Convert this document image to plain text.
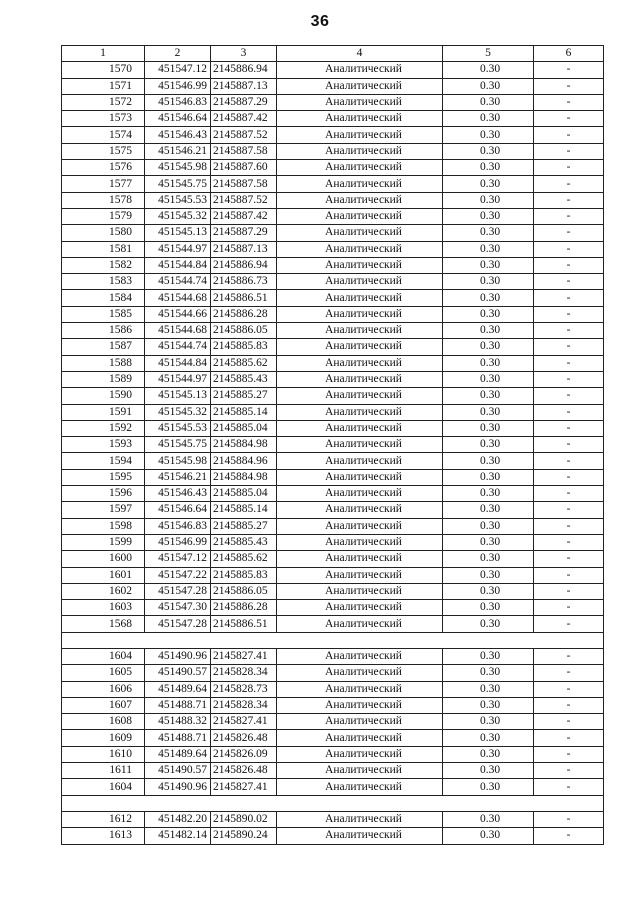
36
1	2	3	4	5	6
1570	451547.12	2145886.94	Аналитический	0.30	-
1571	451546.99	2145887.13	Аналитический	0.30	-
1572	451546.83	2145887.29	Аналитический	0.30	-
1573	451546.64	2145887.42	Аналитический	0.30	-
1574	451546.43	2145887.52	Аналитический	0.30	-
1575	451546.21	2145887.58	Аналитический	0.30	-
1576	451545.98	2145887.60	Аналитический	0.30	-
1577	451545.75	2145887.58	Аналитический	0.30	-
1578	451545.53	2145887.52	Аналитический	0.30	-
1579	451545.32	2145887.42	Аналитический	0.30	-
1580	451545.13	2145887.29	Аналитический	0.30	-
1581	451544.97	2145887.13	Аналитический	0.30	-
1582	451544.84	2145886.94	Аналитический	0.30	-
1583	451544.74	2145886.73	Аналитический	0.30	-
1584	451544.68	2145886.51	Аналитический	0.30	-
1585	451544.66	2145886.28	Аналитический	0.30	-
1586	451544.68	2145886.05	Аналитический	0.30	-
1587	451544.74	2145885.83	Аналитический	0.30	-
1588	451544.84	2145885.62	Аналитический	0.30	-
1589	451544.97	2145885.43	Аналитический	0.30	-
1590	451545.13	2145885.27	Аналитический	0.30	-
1591	451545.32	2145885.14	Аналитический	0.30	-
1592	451545.53	2145885.04	Аналитический	0.30	-
1593	451545.75	2145884.98	Аналитический	0.30	-
1594	451545.98	2145884.96	Аналитический	0.30	-
1595	451546.21	2145884.98	Аналитический	0.30	-
1596	451546.43	2145885.04	Аналитический	0.30	-
1597	451546.64	2145885.14	Аналитический	0.30	-
1598	451546.83	2145885.27	Аналитический	0.30	-
1599	451546.99	2145885.43	Аналитический	0.30	-
1600	451547.12	2145885.62	Аналитический	0.30	-
1601	451547.22	2145885.83	Аналитический	0.30	-
1602	451547.28	2145886.05	Аналитический	0.30	-
1603	451547.30	2145886.28	Аналитический	0.30	-
1568	451547.28	2145886.51	Аналитический	0.30	-

1604	451490.96	2145827.41	Аналитический	0.30	-
1605	451490.57	2145828.34	Аналитический	0.30	-
1606	451489.64	2145828.73	Аналитический	0.30	-
1607	451488.71	2145828.34	Аналитический	0.30	-
1608	451488.32	2145827.41	Аналитический	0.30	-
1609	451488.71	2145826.48	Аналитический	0.30	-
1610	451489.64	2145826.09	Аналитический	0.30	-
1611	451490.57	2145826.48	Аналитический	0.30	-
1604	451490.96	2145827.41	Аналитический	0.30	-

1612	451482.20	2145890.02	Аналитический	0.30	-
1613	451482.14	2145890.24	Аналитический	0.30	-
